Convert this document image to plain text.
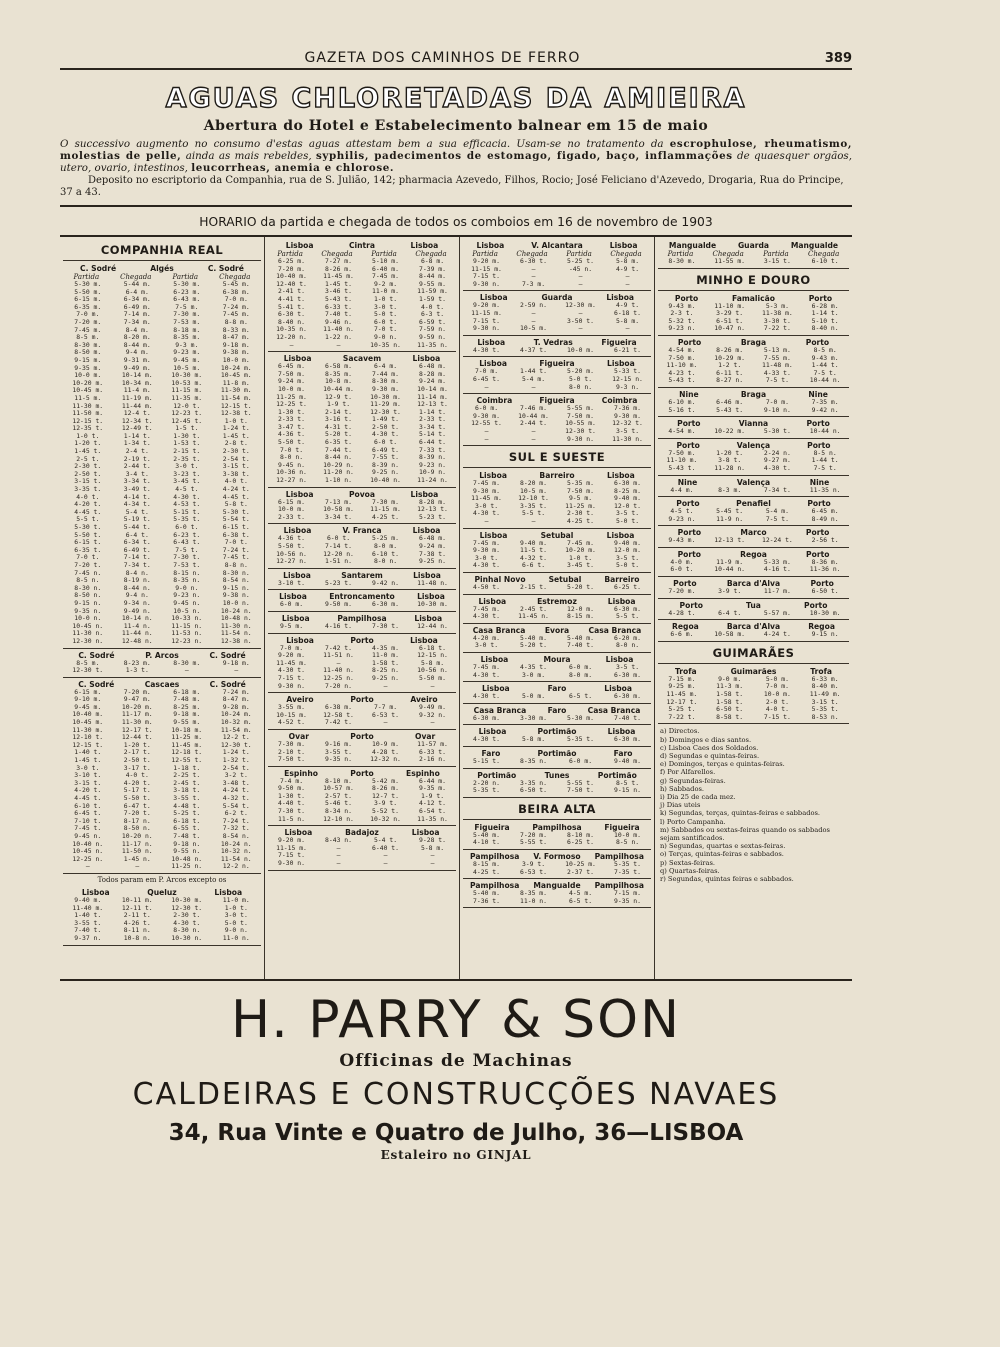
GAZETA DOS CAMINHOS DE FERRO	389
AGUAS CHLORETADAS DA AMIEIRA
Abertura do Hotel e Estabelecimento balnear em 15 de maio
O successivo augmento no consumo d'estas aguas attestam bem a sua efficacia. Usam-se no tratamento da escrophulose, rheumatismo, molestias de pelle, ainda as mais rebeldes, syphilis, padecimentos de estomago, figado, baço, inflammações de quaesquer orgãos, utero, ovario, intestinos, leucorrheas, anemia e chlorose.
Deposito no escriptorio da Companhia, rua de S. Julião, 142; pharmacia Azevedo, Filhos, Rocio; José Feliciano d'Azevedo, Drogaria, Rua do Principe, 37 a 43.
HORARIO da partida e chegada de todos os comboios em 16 de novembro de 1903
COMPANHIA REAL
C. Sodré	Algés	C. Sodré
Partida	Chegada	Partida	Chegada
5-30 m.	5-44 m.	5-30 m.	5-45 m.
5-50 m.	6-4 m.	6-23 m.	6-38 m.
6-15 m.	6-34 m.	6-43 m.	7-0 m.
6-35 m.	6-49 m.	7-5 m.	7-24 m.
7-0 m.	7-14 m.	7-30 m.	7-45 m.
7-20 m.	7-34 m.	7-53 m.	8-8 m.
7-45 m.	8-4 m.	8-18 m.	8-33 m.
8-5 m.	8-20 m.	8-35 m.	8-47 m.
8-30 m.	8-44 m.	9-3 m.	9-18 m.
8-50 m.	9-4 m.	9-23 m.	9-38 m.
9-15 m.	9-31 m.	9-45 m.	10-0 m.
9-35 m.	9-49 m.	10-5 m.	10-24 m.
10-0 m.	10-14 m.	10-30 m.	10-45 m.
10-20 m.	10-34 m.	10-53 m.	11-8 m.
10-45 m.	11-4 m.	11-15 m.	11-30 m.
11-5 m.	11-19 m.	11-35 m.	11-54 m.
11-30 m.	11-44 m.	12-0 t.	12-15 t.
11-50 m.	12-4 t.	12-23 t.	12-38 t.
12-15 t.	12-34 t.	12-45 t.	1-0 t.
12-35 t.	12-49 t.	1-5 t.	1-24 t.
1-0 t.	1-14 t.	1-30 t.	1-45 t.
1-20 t.	1-34 t.	1-53 t.	2-8 t.
1-45 t.	2-4 t.	2-15 t.	2-30 t.
2-5 t.	2-19 t.	2-35 t.	2-54 t.
2-30 t.	2-44 t.	3-0 t.	3-15 t.
2-50 t.	3-4 t.	3-23 t.	3-38 t.
3-15 t.	3-34 t.	3-45 t.	4-0 t.
3-35 t.	3-49 t.	4-5 t.	4-24 t.
4-0 t.	4-14 t.	4-30 t.	4-45 t.
4-20 t.	4-34 t.	4-53 t.	5-8 t.
4-45 t.	5-4 t.	5-15 t.	5-30 t.
5-5 t.	5-19 t.	5-35 t.	5-54 t.
5-30 t.	5-44 t.	6-0 t.	6-15 t.
5-50 t.	6-4 t.	6-23 t.	6-38 t.
6-15 t.	6-34 t.	6-43 t.	7-0 t.
6-35 t.	6-49 t.	7-5 t.	7-24 t.
7-0 t.	7-14 t.	7-30 t.	7-45 t.
7-20 t.	7-34 t.	7-53 t.	8-8 n.
7-45 n.	8-4 n.	8-15 n.	8-30 n.
8-5 n.	8-19 n.	8-35 n.	8-54 n.
8-30 n.	8-44 n.	9-0 n.	9-15 n.
8-50 n.	9-4 n.	9-23 n.	9-38 n.
9-15 n.	9-34 n.	9-45 n.	10-0 n.
9-35 n.	9-49 n.	10-5 n.	10-24 n.
10-0 n.	10-14 n.	10-33 n.	10-48 n.
10-45 n.	11-4 n.	11-15 n.	11-30 n.
11-30 n.	11-44 n.	11-53 n.	11-54 n.
12-30 n.	12-48 n.	12-23 n.	12-38 n.
C. Sodré	P. Arcos	C. Sodré
8-5 m.	8-23 m.	8-30 m.	9-18 m.
12-30 t.	1-3 t.	—	—
C. Sodré	Cascaes	C. Sodré
6-15 m.	7-20 m.	6-18 m.	7-24 m.
9-10 m.	9-47 m.	7-48 m.	8-47 m.
9-45 m.	10-20 m.	8-25 m.	9-28 m.
10-40 m.	11-17 m.	9-18 m.	10-24 m.
10-45 m.	11-30 m.	9-55 m.	10-32 m.
11-30 m.	12-17 t.	10-18 m.	11-54 m.
12-10 t.	12-44 t.	11-25 m.	12-2 t.
12-15 t.	1-20 t.	11-45 m.	12-30 t.
1-40 t.	2-17 t.	12-18 t.	1-24 t.
1-45 t.	2-50 t.	12-55 t.	1-32 t.
3-0 t.	3-17 t.	1-18 t.	2-54 t.
3-10 t.	4-0 t.	2-25 t.	3-2 t.
3-15 t.	4-20 t.	2-45 t.	3-48 t.
4-20 t.	5-17 t.	3-18 t.	4-24 t.
4-45 t.	5-50 t.	3-55 t.	4-32 t.
6-10 t.	6-47 t.	4-48 t.	5-54 t.
6-45 t.	7-20 t.	5-25 t.	6-2 t.
7-10 t.	8-17 n.	6-18 t.	7-24 t.
7-45 t.	8-50 n.	6-55 t.	7-32 t.
9-45 n.	10-20 n.	7-48 t.	8-54 n.
10-40 n.	11-17 n.	9-18 n.	10-24 n.
10-45 n.	11-50 n.	9-55 n.	10-32 n.
12-25 n.	1-45 n.	10-48 n.	11-54 n.
—	—	11-25 n.	12-2 n.
Todos param em P. Arcos excepto os
Lisboa	Queluz	Lisboa
9-40 m.	10-11 m.	10-30 m.	11-0 m.
11-40 m.	12-11 t.	12-30 t.	1-0 t.
1-40 t.	2-11 t.	2-30 t.	3-0 t.
3-55 t.	4-26 t.	4-30 t.	5-0 t.
7-40 t.	8-11 n.	8-30 n.	9-0 n.
9-37 n.	10-8 n.	10-30 n.	11-0 n.
Lisboa	Cintra	Lisboa
Partida	Chegada	Partida	Chegada
6-25 m.	7-27 m.	5-10 m.	6-8 m.
7-20 m.	8-26 m.	6-40 m.	7-39 m.
10-40 m.	11-45 m.	7-45 m.	8-44 m.
12-40 t.	1-45 t.	9-2 m.	9-55 m.
2-41 t.	3-46 t.	11-0 m.	11-59 m.
4-41 t.	5-43 t.	1-0 t.	1-59 t.
5-41 t.	6-33 t.	3-0 t.	4-0 t.
6-30 t.	7-40 t.	5-0 t.	6-3 t.
8-40 n.	9-46 n.	6-0 t.	6-59 t.
10-35 n.	11-40 n.	7-0 t.	7-59 n.
12-20 n.	1-22 n.	9-0 n.	9-59 n.
—	—	10-35 n.	11-35 n.
Lisboa	Sacavem	Lisboa
6-45 m.	6-58 m.	6-4 m.	6-48 m.
7-50 m.	8-35 m.	7-44 m.	8-28 m.
9-24 m.	10-8 m.	8-30 m.	9-24 m.
10-0 m.	10-44 m.	9-30 m.	10-14 m.
11-25 m.	12-9 t.	10-30 m.	11-14 m.
12-25 t.	1-9 t.	11-29 m.	12-13 t.
1-30 t.	2-14 t.	12-30 t.	1-14 t.
2-33 t.	3-16 t.	1-49 t.	2-33 t.
3-47 t.	4-31 t.	2-50 t.	3-34 t.
4-36 t.	5-20 t.	4-30 t.	5-14 t.
5-50 t.	6-35 t.	6-0 t.	6-44 t.
7-0 t.	7-44 t.	6-49 t.	7-33 t.
8-0 n.	8-44 n.	7-55 t.	8-39 n.
9-45 n.	10-29 n.	8-39 n.	9-23 n.
10-36 n.	11-20 n.	9-25 n.	10-9 n.
12-27 n.	1-10 n.	10-40 n.	11-24 n.
Lisboa	Povoa	Lisboa
6-15 m.	7-13 m.	7-30 m.	8-28 m.
10-0 m.	10-58 m.	11-15 m.	12-13 t.
2-33 t.	3-34 t.	4-25 t.	5-23 t.
Lisboa	V. Franca	Lisboa
4-36 t.	6-0 t.	5-25 m.	6-48 m.
5-50 t.	7-14 t.	8-0 m.	9-24 m.
10-56 n.	12-20 n.	6-10 t.	7-38 t.
12-27 n.	1-51 n.	8-0 n.	9-25 n.
Lisboa	Santarem	Lisboa
3-10 t.	5-23 t.	9-42 n.	11-48 n.
Lisboa	Entroncamento	Lisboa
6-0 m.	9-50 m.	6-30 m.	10-30 m.
Lisboa	Pampilhosa	Lisboa
9-5 m.	4-16 t.	7-30 t.	12-44 n.
Lisboa	Porto	Lisboa
7-0 m.	7-42 t.	4-35 m.	6-18 t.
9-20 m.	11-51 n.	11-0 m.	12-15 n.
11-45 m.	—	1-58 t.	5-8 m.
4-30 t.	11-40 n.	8-25 n.	10-56 n.
7-15 t.	12-25 n.	9-25 n.	5-50 m.
9-30 n.	7-20 n.	—	—
Aveiro	Porto	Aveiro
3-55 m.	6-38 m.	7-7 m.	9-49 m.
10-15 m.	12-58 t.	6-53 t.	9-32 n.
4-52 t.	7-42 t.	—	—
Ovar	Porto	Ovar
7-30 m.	9-16 m.	10-9 m.	11-57 m.
2-10 t.	3-55 t.	4-28 t.	6-33 t.
7-50 t.	9-35 n.	12-32 n.	2-16 n.
Espinho	Porto	Espinho
7-4 m.	8-10 m.	5-42 m.	6-44 m.
9-50 m.	10-57 m.	8-26 m.	9-35 m.
1-30 t.	2-57 t.	12-7 t.	1-9 t.
4-40 t.	5-46 t.	3-9 t.	4-12 t.
7-30 t.	8-34 n.	5-52 t.	6-54 t.
11-5 n.	12-10 n.	10-32 n.	11-35 n.
Lisboa	Badajoz	Lisboa
9-20 m.	8-43 n.	5-4 t.	9-28 t.
11-15 m.	—	6-40 t.	5-8 m.
7-15 t.	—	—	—
9-30 n.	—	—	—
Lisboa	V. Alcantara	Lisboa
Partida	Chegada	Partida	Chegada
9-20 m.	6-30 t.	5-25 t.	5-8 m.
11-15 m.	—	-45 n.	4-9 t.
7-15 t.	—	—	—
9-30 n.	7-3 m.	—	—
Lisboa	Guarda	Lisboa
9-20 m.	2-59 n.	12-30 m.	4-9 t.
11-15 m.	—	—	6-18 t.
7-15 t.	—	3-50 t.	5-8 m.
9-30 n.	10-5 m.	—	—
Lisboa	T. Vedras	Figueira
4-30 t.	4-37 t.	10-0 m.	6-21 t.
Lisboa	Figueira	Lisboa
7-0 m.	1-44 t.	5-20 m.	5-33 t.
6-45 t.	5-4 m.	5-0 t.	12-15 n.
—	—	8-0 n.	9-3 n.
Coimbra	Figueira	Coimbra
6-0 m.	7-46 m.	5-55 m.	7-36 m.
9-30 m.	10-44 m.	7-50 m.	9-30 m.
12-55 t.	2-44 t.	10-55 m.	12-32 t.
—	—	12-30 t.	3-5 t.
—	—	9-30 n.	11-30 n.
SUL E SUESTE
Lisboa	Barreiro	Lisboa
7-45 m.	8-20 m.	5-35 m.	6-30 m.
9-30 m.	10-5 m.	7-50 m.	8-25 m.
11-45 m.	12-10 t.	9-5 m.	9-40 m.
3-0 t.	3-35 t.	11-25 m.	12-0 t.
4-30 t.	5-5 t.	2-30 t.	3-5 t.
—	—	4-25 t.	5-0 t.
Lisboa	Setubal	Lisboa
7-45 m.	9-40 m.	7-45 m.	9-40 m.
9-30 m.	11-5 t.	10-20 m.	12-0 m.
3-0 t.	4-32 t.	1-0 t.	3-5 t.
4-30 t.	6-6 t.	3-45 t.	5-0 t.
Pinhal Novo	Setubal	Barreiro
4-50 t.	2-15 t.	5-20 t.	6-25 t.
Lisboa	Estremoz	Lisboa
7-45 m.	2-45 t.	12-0 m.	6-30 m.
4-30 t.	11-45 n.	8-15 m.	5-5 t.
Casa Branca	Evora	Casa Branca
4-20 m.	5-40 m.	5-40 m.	6-20 m.
3-0 t.	5-20 t.	7-40 t.	8-0 n.
Lisboa	Moura	Lisboa
7-45 m.	4-35 t.	6-0 m.	3-5 t.
4-30 t.	3-0 m.	8-0 m.	6-30 m.
Lisboa	Faro	Lisboa
4-30 t.	5-0 m.	6-5 t.	6-30 m.
Casa Branca	Faro	Casa Branca
6-30 m.	3-30 m.	5-30 m.	7-40 t.
Lisboa	Portimão	Lisboa
4-30 t.	5-8 m.	5-35 t.	6-30 m.
Faro	Portimão	Faro
5-15 t.	8-35 n.	6-0 m.	9-40 m.
Portimão	Tunes	Portimão
2-20 n.	3-35 n.	5-55 t.	8-5 t.
5-35 t.	6-50 t.	7-50 t.	9-15 n.
BEIRA ALTA
Figueira	Pampilhosa	Figueira
5-40 m.	7-20 m.	8-10 m.	10-0 m.
4-10 t.	5-55 t.	6-25 t.	8-5 n.
Pampilhosa V. Formoso Pampilhosa
8-15 m.	3-9 t.	10-25 m.	5-35 t.
4-25 t.	6-53 t.	2-37 t.	7-35 t.
Pampilhosa Mangualde Pampilhosa
5-40 m.	8-35 m.	4-5 m.	7-15 m.
7-36 t.	11-0 n.	6-5 t.	9-35 n.
Mangualde	Guarda	Mangualde
Partida	Chegada	Partida	Chegada
8-30 m.	11-55 m.	3-15 t.	6-10 t.
MINHO E DOURO
Porto	Famalicão	Porto
9-43 m.	11-10 m.	5-3 m.	6-28 m.
2-3 t.	3-29 t.	11-38 m.	1-14 t.
5-32 t.	6-51 t.	3-30 t.	5-10 t.
9-23 n.	10-47 n.	7-22 t.	8-40 n.
Porto	Braga	Porto
4-54 m.	8-26 m.	5-13 m.	8-5 m.
7-50 m.	10-29 m.	7-55 m.	9-43 m.
11-10 m.	1-2 t.	11-48 m.	1-44 t.
4-23 t.	6-11 t.	4-33 t.	7-5 t.
5-43 t.	8-27 n.	7-5 t.	10-44 n.
Nine	Braga	Nine
6-10 m.	6-46 m.	7-0 m.	7-35 m.
5-16 t.	5-43 t.	9-10 n.	9-42 n.
Porto	Vianna	Porto
4-54 m.	10-22 m.	5-30 t.	10-44 n.
Porto	Valença	Porto
7-50 m.	1-20 t.	2-24 n.	8-5 n.
11-10 m.	3-8 t.	9-27 m.	1-44 t.
5-43 t.	11-28 n.	4-30 t.	7-5 t.
Nine	Valença	Nine
4-4 m.	8-3 m.	7-34 t.	11-35 n.
Porto	Penafiel	Porto
4-5 t.	5-45 t.	5-4 m.	6-45 m.
9-23 n.	11-9 n.	7-5 t.	8-49 n.
Porto	Marco	Porto
9-43 m.	12-13 t.	12-24 t.	2-56 t.
Porto	Regoa	Porto
4-0 m.	11-9 m.	5-33 m.	8-36 m.
6-0 t.	10-44 n.	4-16 t.	11-36 n.
Porto	Barca d'Alva	Porto
7-20 m.	3-9 t.	11-7 m.	6-50 t.
Porto	Tua	Porto
4-28 t.	6-4 t.	5-57 m.	10-30 m.
Regoa	Barca d'Alva	Regoa
6-6 m.	10-58 m.	4-24 t.	9-15 n.
GUIMARÃES
Trofa	Guimarães	Trofa
7-15 m.	9-0 m.	5-0 m.	6-33 m.
9-25 m.	11-3 m.	7-0 m.	8-40 m.
11-45 m.	1-58 t.	10-0 m.	11-49 m.
12-17 t.	1-58 t.	2-0 t.	3-15 t.
5-25 t.	6-50 t.	4-0 t.	5-35 t.
7-22 t.	8-58 t.	7-15 t.	8-53 n.
a) Directos.
b) Domingos e dias santos.
c) Lisboa Caes dos Soldados.
d) Segundas e quintas-feiras.
e) Domingos, terças e quintas-feiras.
f) Por Alfarellos.
g) Segundas-feiras.
h) Sabbados.
i) Dia 25 de cada mez.
j) Dias uteis
k) Segundas, terças, quintas-feiras e sabbados.
l) Porto Campanha.
m) Sabbados ou sextas-feiras quando os sabbados sejam santificados.
n) Segundas, quartas e sextas-feiras.
o) Terças, quintas-feiras e sabbados.
p) Sextas-feiras.
q) Quartas-feiras.
r) Segundas, quintas feiras e sabbados.
H. PARRY & SON
Officinas de Machinas
CALDEIRAS E CONSTRUCÇÕES NAVAES
34, Rua Vinte e Quatro de Julho, 36—LISBOA
Estaleiro no GINJAL
